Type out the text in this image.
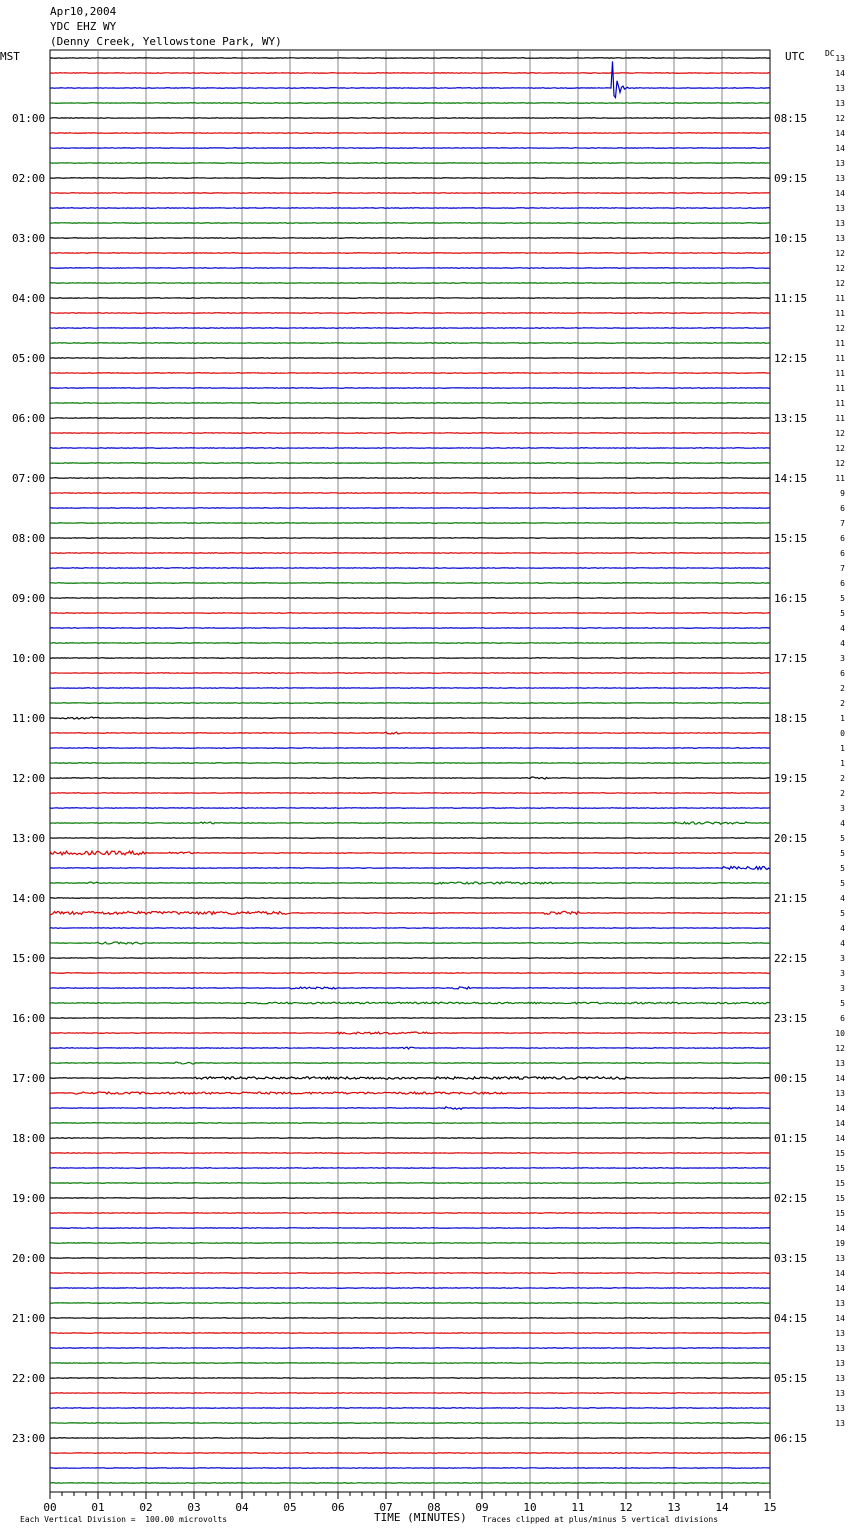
Apr10,2004
YDC EHZ WY
(Denny Creek, Yellowstone Park, WY)
13
14
13
13
12
14
14
13
13
14
13
13
13
12
12
12
11
11
12
11
11
11
11
11
11
12
12
12
11
9
6
7
6
6
7
6
5
5
4
4
3
6
2
2
1
0
1
1
2
2
3
4
5
5
5
5
4
5
4
4
3
3
3
5
6
10
12
13
14
13
14
14
14
15
15
15
15
15
14
19
13
14
14
13
14
13
13
13
13
13
13
13
MST	UTC	DC
01:00
02:00
03:00
04:00
05:00
06:00
07:00
08:00
09:00
10:00
11:00
12:00
13:00
14:00
15:00
16:00
17:00
18:00
19:00
20:00
21:00
22:00
23:00
08:15
09:15
10:15
11:15
12:15
13:15
14:15
15:15
16:15
17:15
18:15
19:15
20:15
21:15
22:15
23:15
00:15
01:15
02:15
03:15
04:15
05:15
06:15
00	01	02	03	04	05	06	07	08	09	10	11	12	13	14	15
Each Vertical Division =  100.00 microvolts	TIME (MINUTES) Traces clipped at plus/minus 5 vertical divisions
